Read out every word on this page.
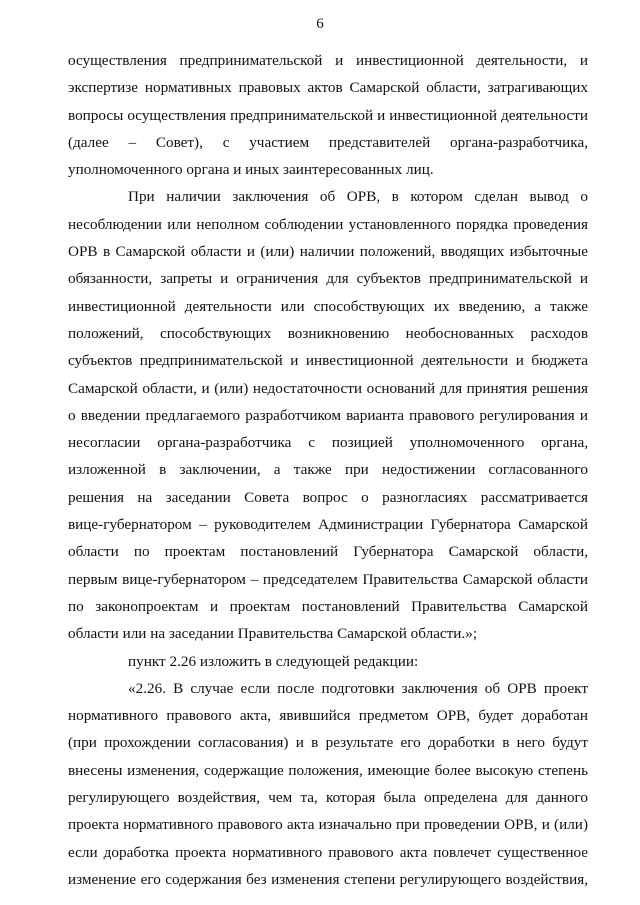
6
осуществления предпринимательской и инвестиционной деятельности, и
экспертизе нормативных правовых актов Самарской области, затрагивающих
вопросы осуществления предпринимательской и инвестиционной деятельности
(далее – Совет), с участием представителей органа-разработчика,
уполномоченного органа и иных заинтересованных лиц.
При наличии заключения об ОРВ, в котором сделан вывод о
несоблюдении или неполном соблюдении установленного порядка проведения
ОРВ в Самарской области и (или) наличии положений, вводящих избыточные
обязанности, запреты и ограничения для субъектов предпринимательской и
инвестиционной деятельности или способствующих их введению, а также
положений, способствующих возникновению необоснованных расходов
субъектов предпринимательской и инвестиционной деятельности и бюджета
Самарской области, и (или) недостаточности оснований для принятия решения
о введении предлагаемого разработчиком варианта правового регулирования и
несогласии органа-разработчика с позицией уполномоченного органа,
изложенной в заключении, а также при недостижении согласованного
решения на заседании Совета вопрос о разногласиях рассматривается
вице-губернатором – руководителем Администрации Губернатора Самарской
области по проектам постановлений Губернатора Самарской области,
первым вице-губернатором – председателем Правительства Самарской области
по законопроектам и проектам постановлений Правительства Самарской
области или на заседании Правительства Самарской области.»;
пункт 2.26 изложить в следующей редакции:
«2.26. В случае если после подготовки заключения об ОРВ проект
нормативного правового акта, явившийся предметом ОРВ, будет доработан
(при прохождении согласования) и в результате его доработки в него будут
внесены изменения, содержащие положения, имеющие более высокую степень
регулирующего воздействия, чем та, которая была определена для данного
проекта нормативного правового акта изначально при проведении ОРВ, и (или)
если доработка проекта нормативного правового акта повлечет существенное
изменение его содержания без изменения степени регулирующего воздействия,
